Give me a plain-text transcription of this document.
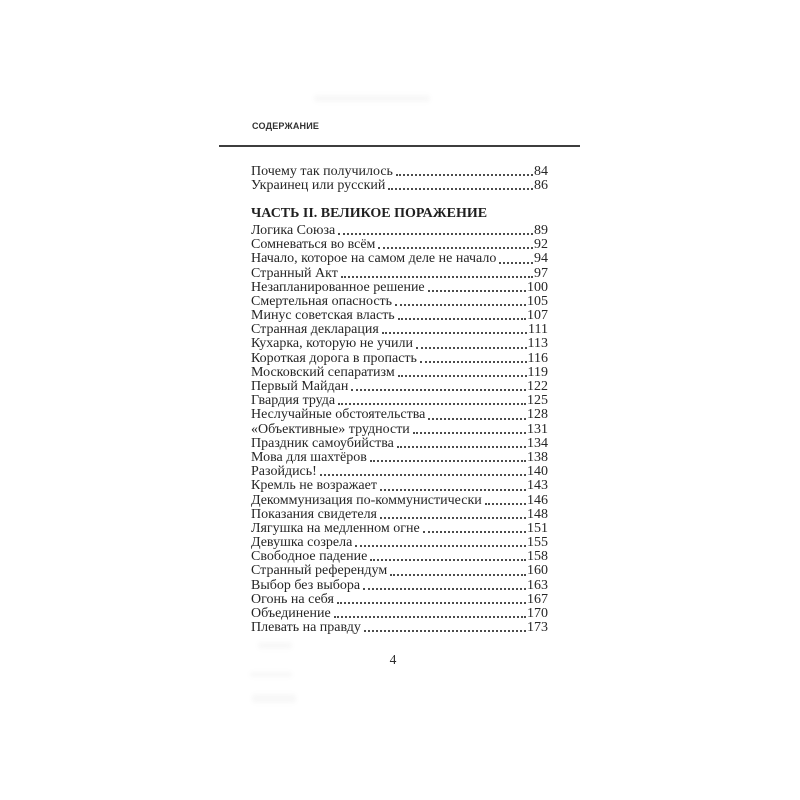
СОДЕРЖАНИЕ
Почему так получилось	84
Украинец или русский	86
ЧАСТЬ II. ВЕЛИКОЕ ПОРАЖЕНИЕ
Логика Союза	89
Сомневаться во всём	92
Начало, которое на самом деле не начало	94
Странный Акт	97
Незапланированное решение	100
Смертельная опасность	105
Минус советская власть	107
Странная декларация	111
Кухарка, которую не учили	113
Короткая дорога в пропасть	116
Московский сепаратизм	119
Первый Майдан	122
Гвардия труда	125
Неслучайные обстоятельства	128
«Объективные» трудности	131
Праздник самоубийства	134
Мова для шахтёров	138
Разойдись!	140
Кремль не возражает	143
Декоммунизация по-коммунистически	146
Показания свидетеля	148
Лягушка на медленном огне	151
Девушка созрела	155
Свободное падение	158
Странный референдум	160
Выбор без выбора	163
Огонь на себя	167
Объединение	170
Плевать на правду	173
4
